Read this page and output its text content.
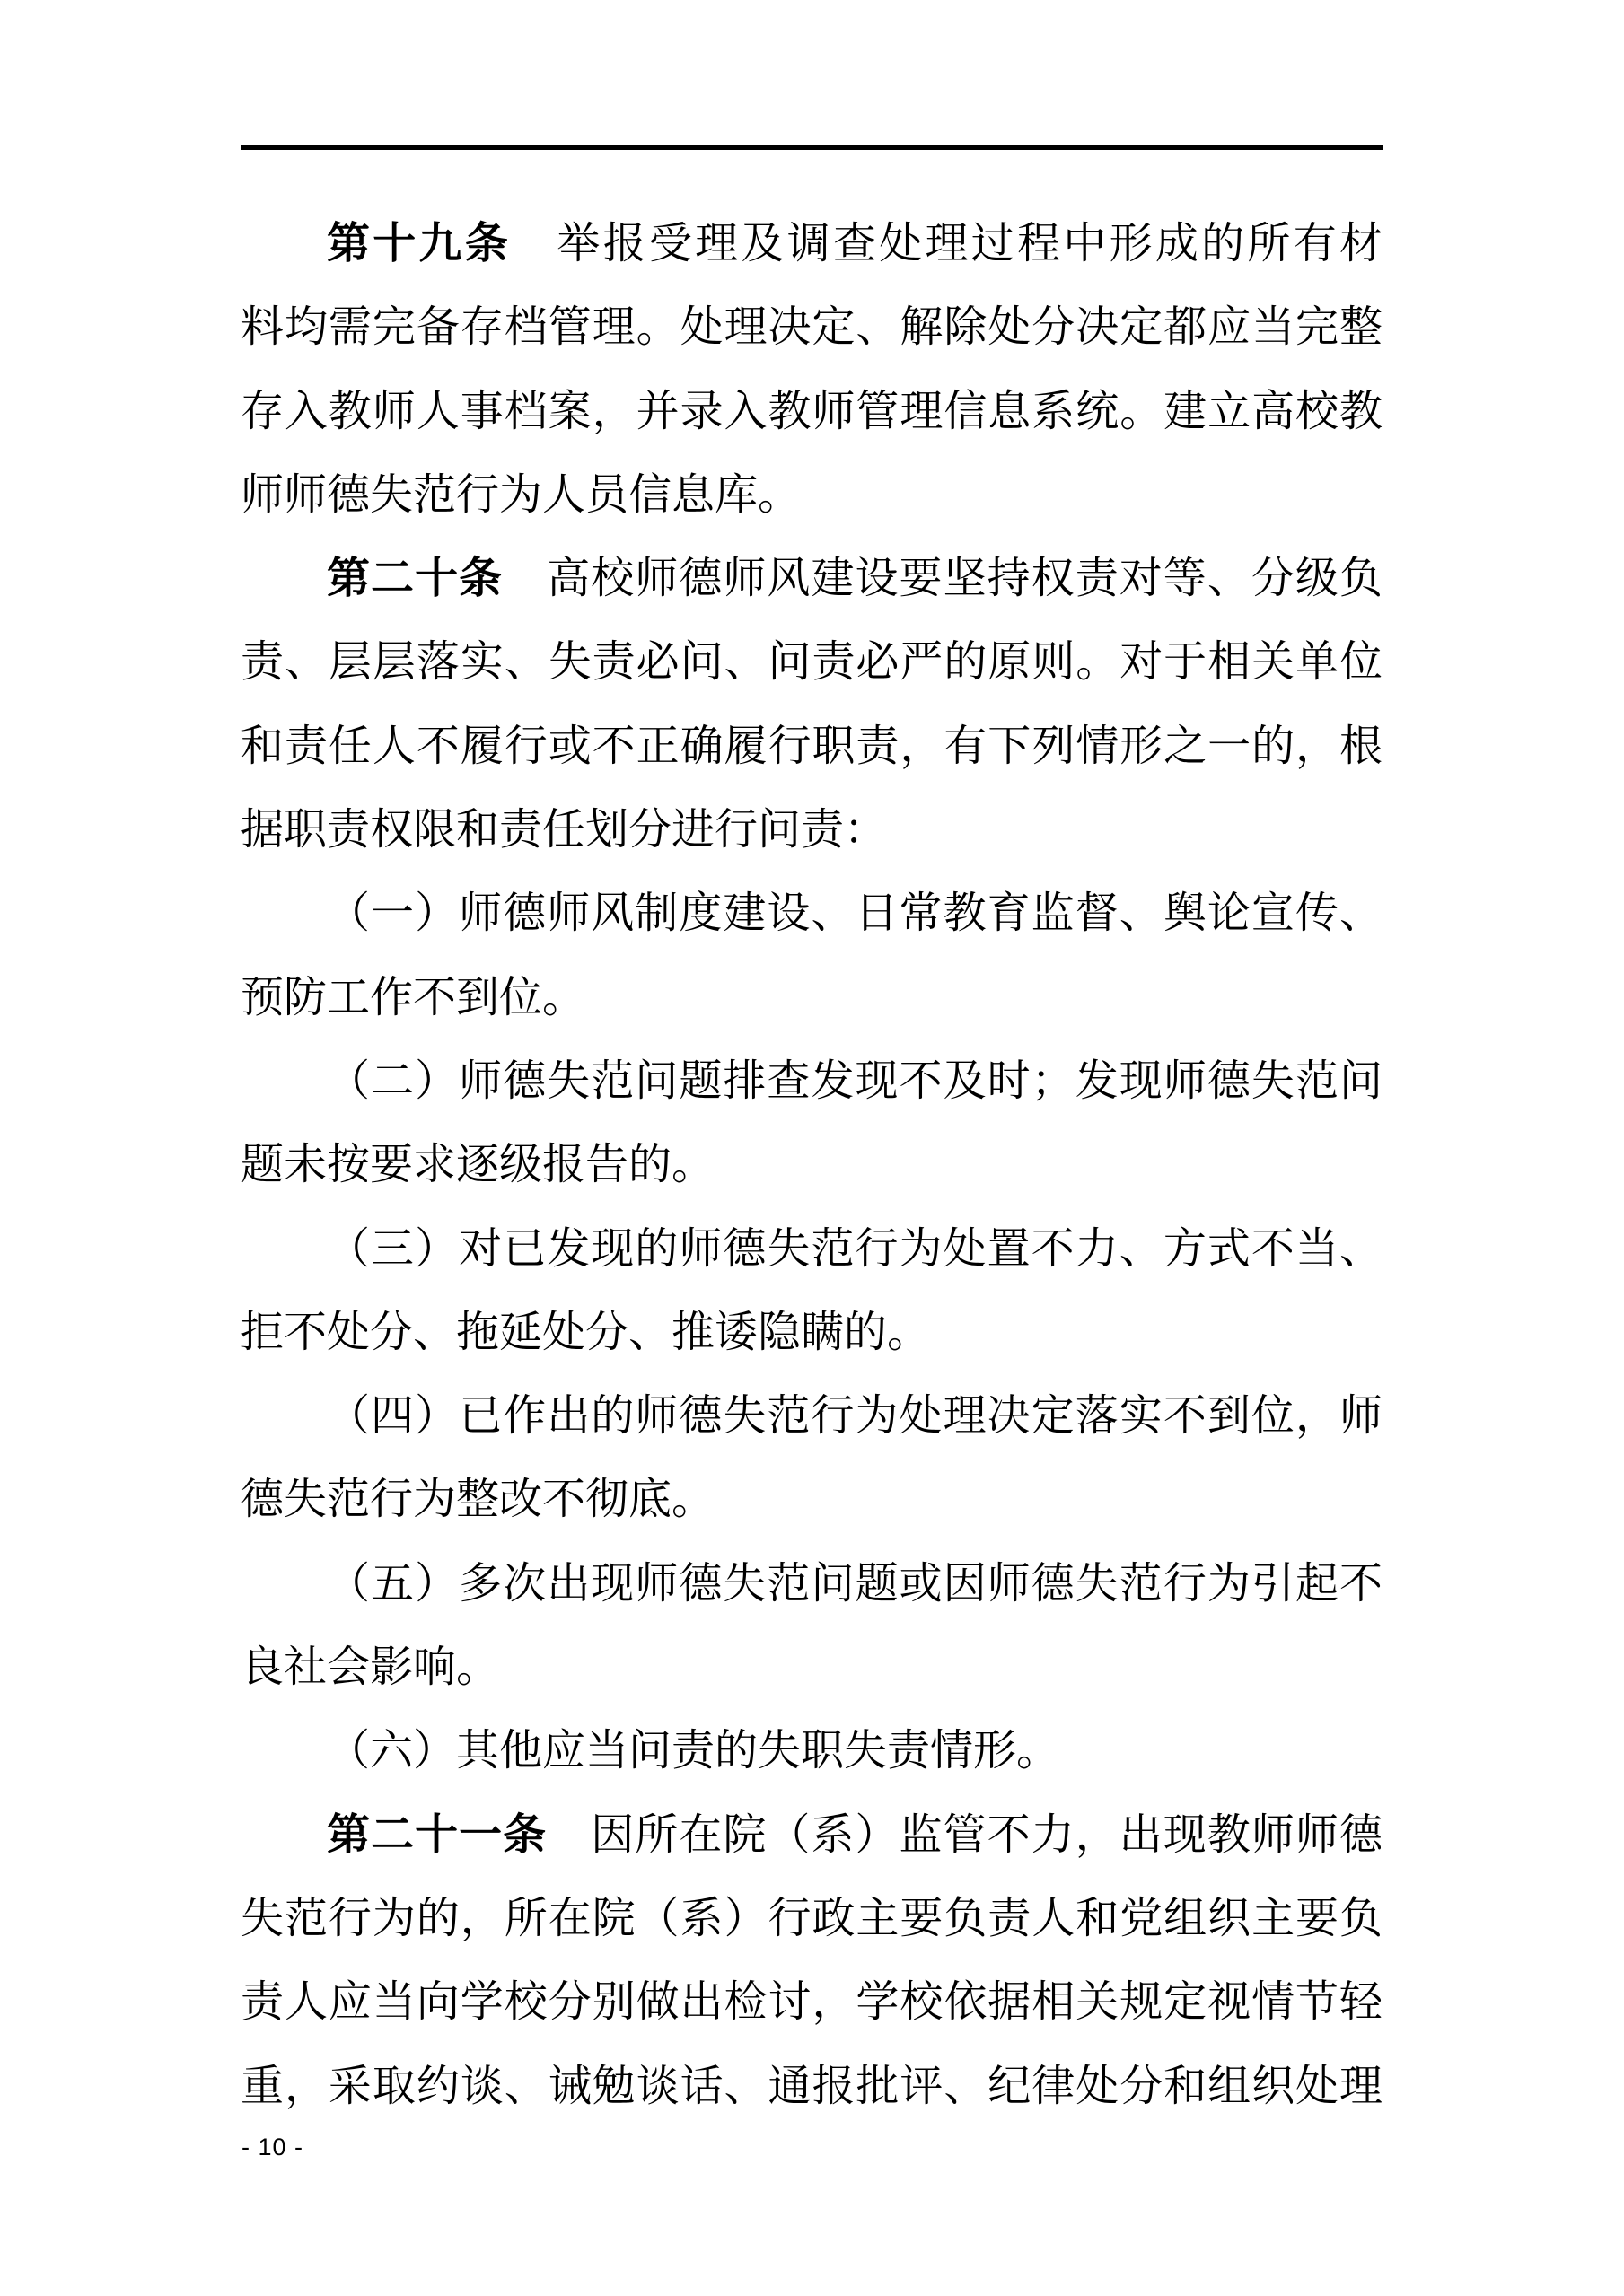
第十九条　举报受理及调查处理过程中形成的所有材
料均需完备存档管理。处理决定、解除处分决定都应当完整
存入教师人事档案，并录入教师管理信息系统。建立高校教
师师德失范行为人员信息库。
第二十条　高校师德师风建设要坚持权责对等、分级负
责、层层落实、失责必问、问责必严的原则。对于相关单位
和责任人不履行或不正确履行职责，有下列情形之一的，根
据职责权限和责任划分进行问责：
（一）师德师风制度建设、日常教育监督、舆论宣传、
预防工作不到位。
（二）师德失范问题排查发现不及时；发现师德失范问
题未按要求逐级报告的。
（三）对已发现的师德失范行为处置不力、方式不当、
拒不处分、拖延处分、推诿隐瞒的。
（四）已作出的师德失范行为处理决定落实不到位，师
德失范行为整改不彻底。
（五）多次出现师德失范问题或因师德失范行为引起不
良社会影响。
（六）其他应当问责的失职失责情形。
第二十一条　因所在院（系）监管不力，出现教师师德
失范行为的，所在院（系）行政主要负责人和党组织主要负
责人应当向学校分别做出检讨，学校依据相关规定视情节轻
重，采取约谈、诫勉谈话、通报批评、纪律处分和组织处理
- 10 -
